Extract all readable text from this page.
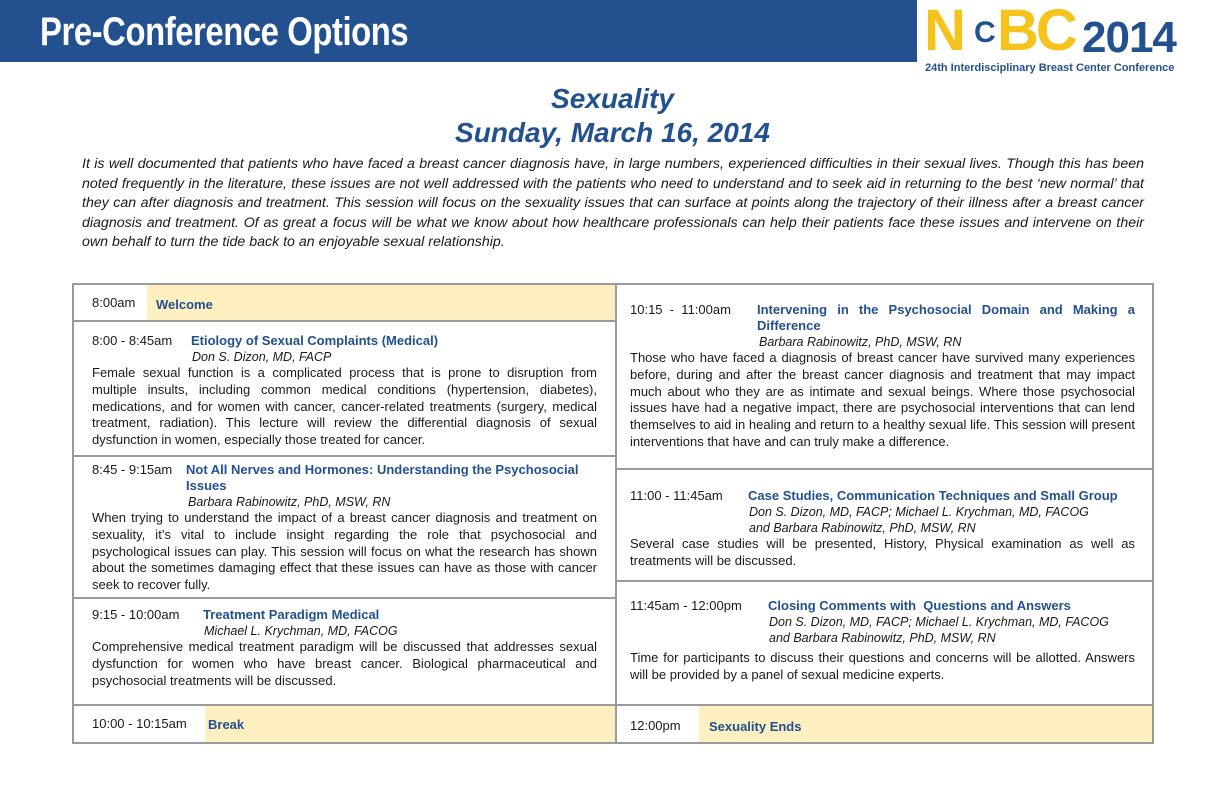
Pre-Conference Options	N C BC 2014
24th Interdisciplinary Breast Center Conference
Sexuality
Sunday, March 16, 2014
It is well documented that patients who have faced a breast cancer diagnosis have, in large numbers, experienced difficulties in their sexual lives. Though this has been noted frequently in the literature, these issues are not well addressed with the patients who need to understand and to seek aid in returning to the best ‘new normal’ that they can after diagnosis and treatment. This session will focus on the sexuality issues that can surface at points along the trajectory of their illness after a breast cancer diagnosis and treatment. Of as great a focus will be what we know about how healthcare professionals can help their patients face these issues and intervene on their own behalf to turn the tide back to an enjoyable sexual relationship.
8:00am Welcome
8:00 - 8:45am Etiology of Sexual Complaints (Medical)
Don S. Dizon, MD, FACP
Female sexual function is a complicated process that is prone to disruption from multiple insults, including common medical conditions (hypertension, diabetes), medications, and for women with cancer, cancer-related treatments (surgery, medical treatment, radiation). This lecture will review the differential diagnosis of sexual dysfunction in women, especially those treated for cancer.
8:45 - 9:15am Not All Nerves and Hormones: Understanding the Psychosocial Issues
Barbara Rabinowitz, PhD, MSW, RN
When trying to understand the impact of a breast cancer diagnosis and treatment on sexuality, it’s vital to include insight regarding the role that psychosocial and psychological issues can play. This session will focus on what the research has shown about the sometimes damaging effect that these issues can have as those with cancer seek to recover fully.
9:15 - 10:00am Treatment Paradigm Medical
Michael L. Krychman, MD, FACOG
Comprehensive medical treatment paradigm will be discussed that addresses sexual dysfunction for women who have breast cancer. Biological pharmaceutical and psychosocial treatments will be discussed.
10:00 - 10:15am Break
10:15  -  11:00am Intervening in the Psychosocial Domain and Making a Difference
Barbara Rabinowitz, PhD, MSW, RN
Those who have faced a diagnosis of breast cancer have survived many experiences before, during and after the breast cancer diagnosis and treatment that may impact much about who they are as intimate and sexual beings. Where those psychosocial issues have had a negative impact, there are psychosocial interventions that can lend themselves to aid in healing and return to a healthy sexual life. This session will present interventions that have and can truly make a difference.
11:00 - 11:45am Case Studies, Communication Techniques and Small Group
Don S. Dizon, MD, FACP; Michael L. Krychman, MD, FACOG
and Barbara Rabinowitz, PhD, MSW, RN
Several case studies will be presented, History, Physical examination as well as treatments will be discussed.
11:45am - 12:00pm Closing Comments with  Questions and Answers
Don S. Dizon, MD, FACP; Michael L. Krychman, MD, FACOG
and Barbara Rabinowitz, PhD, MSW, RN
Time for participants to discuss their questions and concerns will be allotted. Answers will be provided by a panel of sexual medicine experts.
12:00pm Sexuality Ends
